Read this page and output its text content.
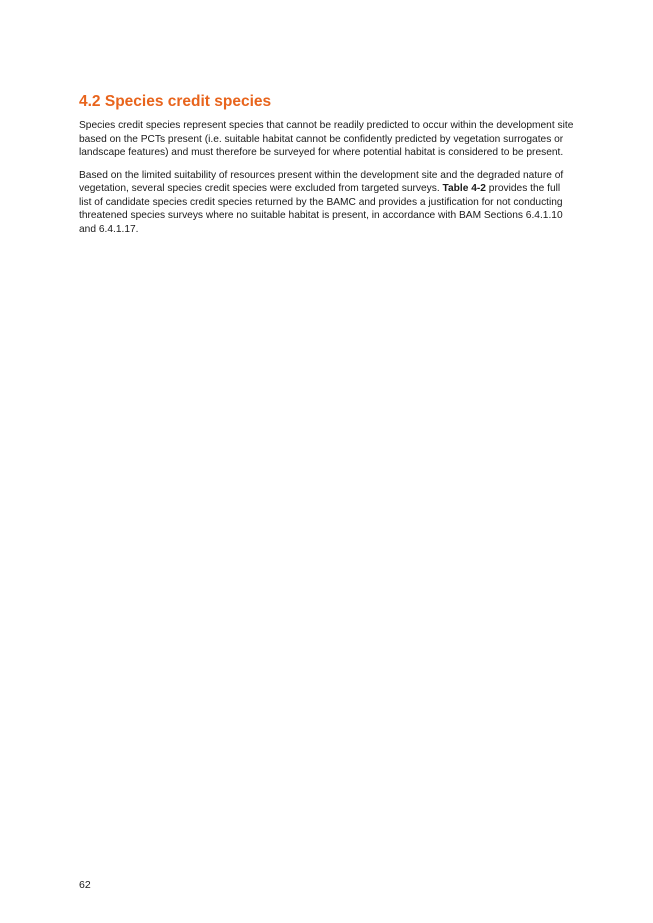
4.2 Species credit species

Species credit species represent species that cannot be readily predicted to occur within the development site based on the PCTs present (i.e. suitable habitat cannot be confidently predicted by vegetation surrogates or landscape features) and must therefore be surveyed for where potential habitat is considered to be present.

Based on the limited suitability of resources present within the development site and the degraded nature of vegetation, several species credit species were excluded from targeted surveys. Table 4-2 provides the full list of candidate species credit species returned by the BAMC and provides a justification for not conducting threatened species surveys where no suitable habitat is present, in accordance with BAM Sections 6.4.1.10 and 6.4.1.17.

62
